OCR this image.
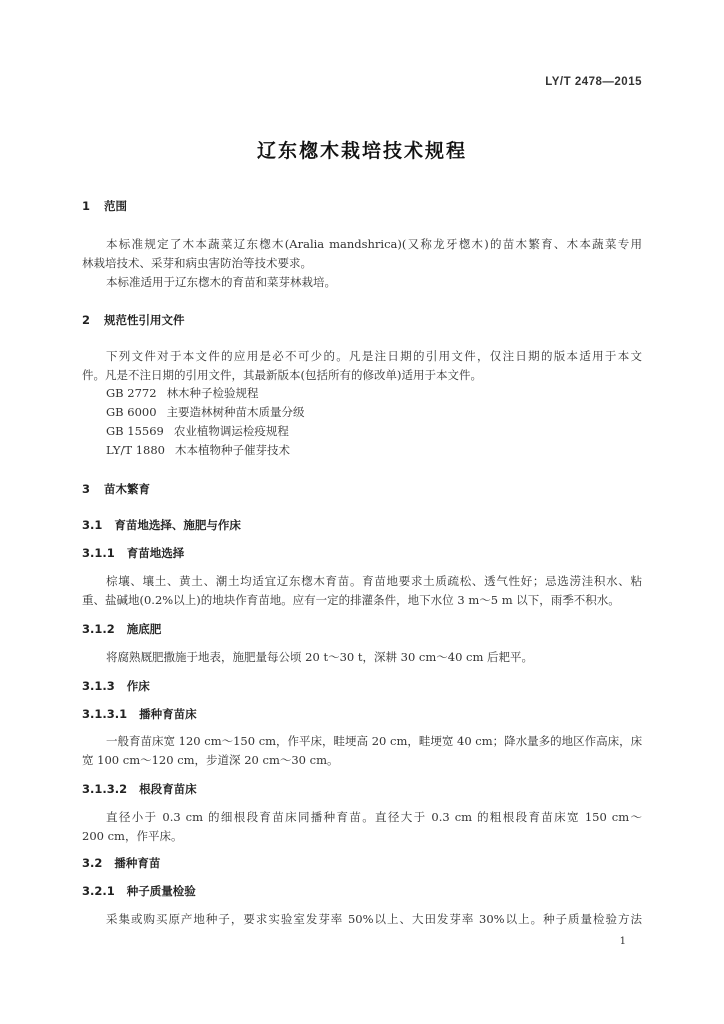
LY/T 2478—2015
辽东楤木栽培技术规程
1 范围
本标准规定了木本蔬菜辽东楤木(Aralia mandshrica)(又称龙牙楤木)的苗木繁育、木本蔬菜专用
林栽培技术、采芽和病虫害防治等技术要求。
本标准适用于辽东楤木的育苗和菜芽林栽培。
2 规范性引用文件
下列文件对于本文件的应用是必不可少的。凡是注日期的引用文件，仅注日期的版本适用于本文
件。凡是不注日期的引用文件，其最新版本(包括所有的修改单)适用于本文件。
GB 2772 林木种子检验规程
GB 6000 主要造林树种苗木质量分级
GB 15569 农业植物调运检疫规程
LY/T 1880 木本植物种子催芽技术
3 苗木繁育
3.1 育苗地选择、施肥与作床
3.1.1 育苗地选择
棕壤、壤土、黄土、潮土均适宜辽东楤木育苗。育苗地要求土质疏松、透气性好；忌选涝洼积水、粘
重、盐碱地(0.2%以上)的地块作育苗地。应有一定的排灌条件，地下水位 3 m～5 m 以下，雨季不积水。
3.1.2 施底肥
将腐熟厩肥撒施于地表，施肥量每公顷 20 t～30 t，深耕 30 cm～40 cm 后耙平。
3.1.3 作床
3.1.3.1 播种育苗床
一般育苗床宽 120 cm～150 cm，作平床，畦埂高 20 cm，畦埂宽 40 cm；降水量多的地区作高床，床
宽 100 cm～120 cm，步道深 20 cm～30 cm。
3.1.3.2 根段育苗床
直径小于 0.3 cm 的细根段育苗床同播种育苗。直径大于 0.3 cm 的粗根段育苗床宽 150 cm～
200 cm，作平床。
3.2 播种育苗
3.2.1 种子质量检验
采集或购买原产地种子，要求实验室发芽率 50%以上、大田发芽率 30%以上。种子质量检验方法
1
